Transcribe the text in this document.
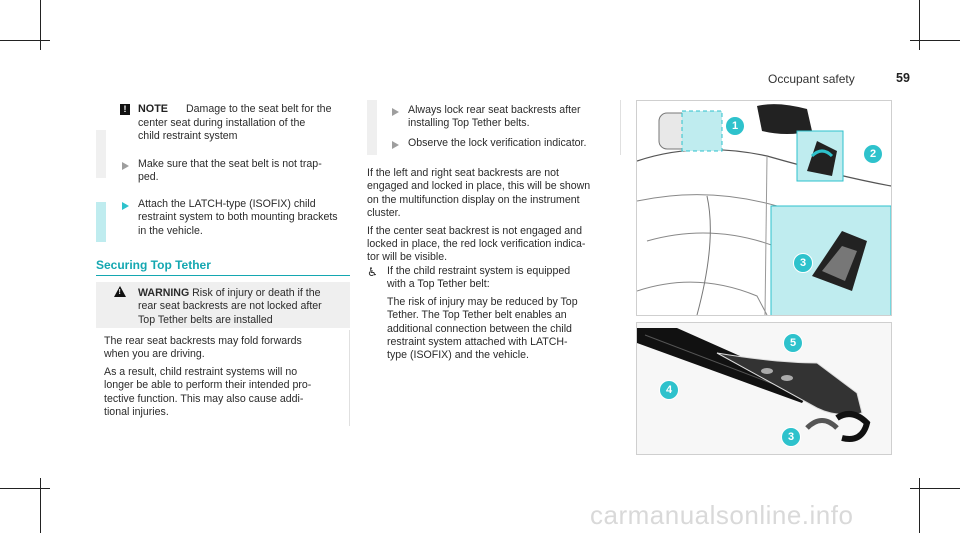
Occupant safety	59
!	NOTE Damage to the seat belt for the

center seat during installation of the

child restraint system

Make sure that the seat belt is not trap-

ped.

Attach the LATCH-type (ISOFIX) child

restraint system to both mounting brackets

in the vehicle.

Securing Top Tether
! WARNING Risk of injury or death if the

rear seat backrests are not locked after

Top Tether belts are installed

The rear seat backrests may fold forwards

when you are driving.

As a result, child restraint systems will no

longer be able to perform their intended pro-

tective function. This may also cause addi-

tional injuries.

Always lock rear seat backrests after

installing Top Tether belts.

Observe the lock verification indicator.

If the left and right seat backrests are not

engaged and locked in place, this will be shown

on the multifunction display on the instrument

cluster.

If the center seat backrest is not engaged and

locked in place, the red lock verification indica-

tor will be visible.

♿ If the child restraint system is equipped

with a Top Tether belt:

The risk of injury may be reduced by Top

Tether. The Top Tether belt enables an

additional connection between the child

restraint system attached with LATCH-

type (ISOFIX) and the vehicle.

1
2
3
5
4
3
carmanualsonline.info
